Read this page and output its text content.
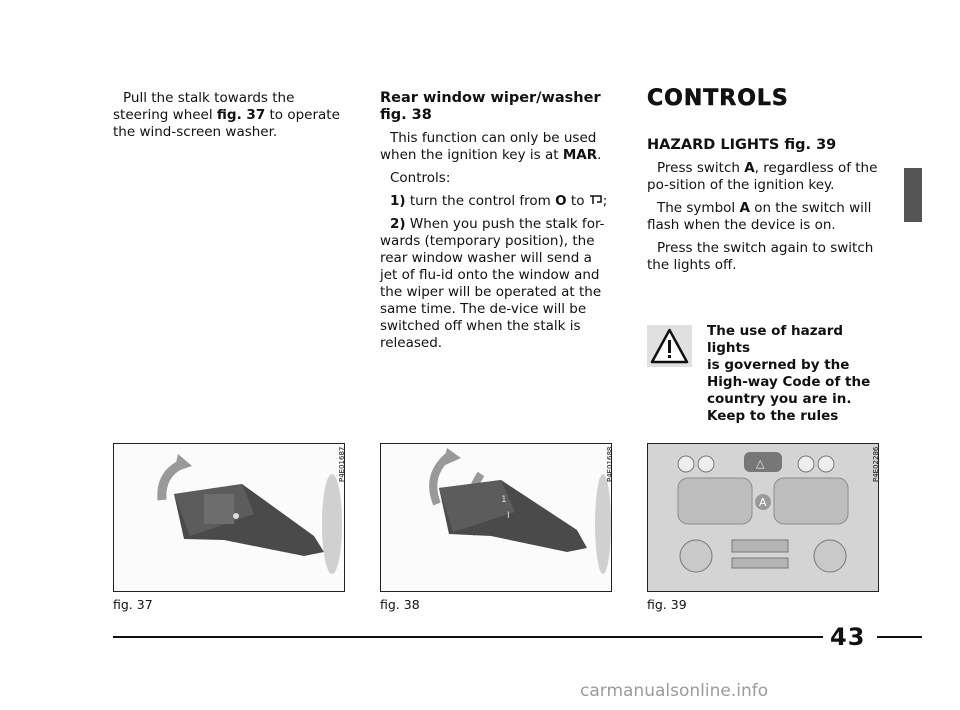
Pull the stalk towards the steering wheel fig. 37 to operate the wind-screen washer.

Rear window wiper/washer fig. 38

This function can only be used when the ignition key is at MAR.

Controls:

1) turn the control from O to ;

2) When you push the stalk for-wards (temporary position), the rear window washer will send a jet of flu-id onto the window and the wiper will be operated at the same time. The de-vice will be switched off when the stalk is released.

CONTROLS

HAZARD LIGHTS fig. 39

Press switch A, regardless of the po-sition of the ignition key.

The symbol A on the switch will flash when the device is on.

Press the switch again to switch the lights off.

The use of hazard lights
is governed by the High-way Code of the country you are in. Keep to the rules

P4E01687
fig. 37
1
I
P4E01688
fig. 38
△
A
P4E02286
fig. 39
43
carmanualsonline.info
